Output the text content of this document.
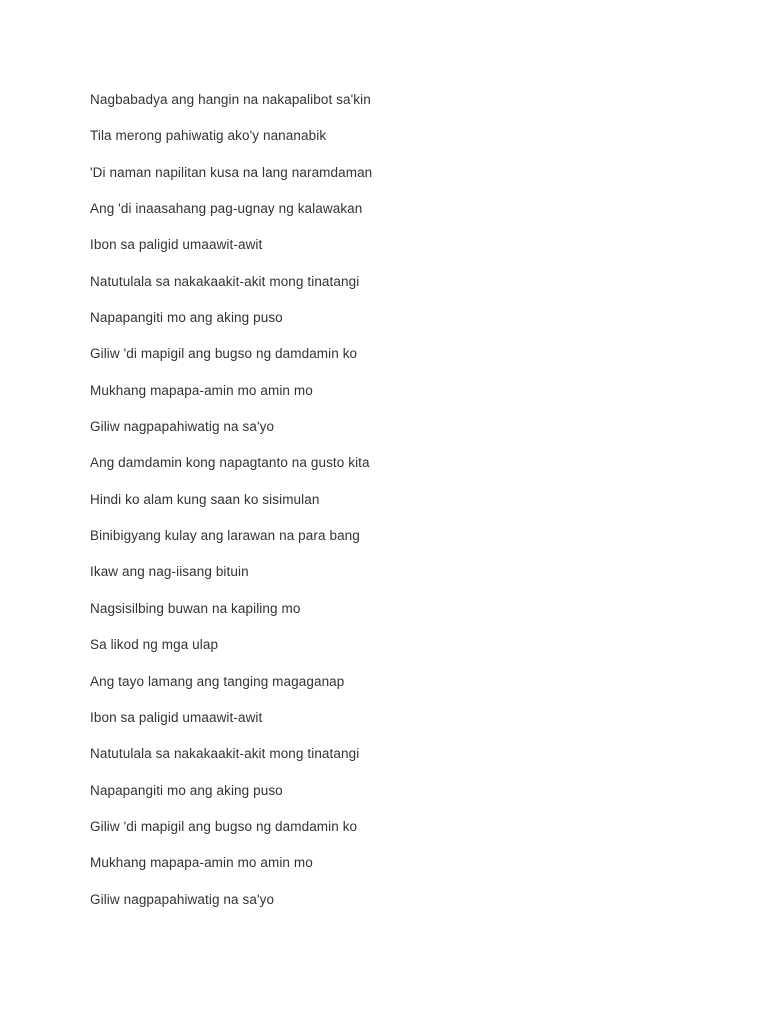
Nagbabadya ang hangin na nakapalibot sa'kin
Tila merong pahiwatig ako'y nananabik
'Di naman napilitan kusa na lang naramdaman
Ang 'di inaasahang pag-ugnay ng kalawakan
Ibon sa paligid umaawit-awit
Natutulala sa nakakaakit-akit mong tinatangi
Napapangiti mo ang aking puso
Giliw 'di mapigil ang bugso ng damdamin ko
Mukhang mapapa-amin mo amin mo
Giliw nagpapahiwatig na sa'yo
Ang damdamin kong napagtanto na gusto kita
Hindi ko alam kung saan ko sisimulan
Binibigyang kulay ang larawan na para bang
Ikaw ang nag-iisang bituin
Nagsisilbing buwan na kapiling mo
Sa likod ng mga ulap
Ang tayo lamang ang tanging magaganap
Ibon sa paligid umaawit-awit
Natutulala sa nakakaakit-akit mong tinatangi
Napapangiti mo ang aking puso
Giliw 'di mapigil ang bugso ng damdamin ko
Mukhang mapapa-amin mo amin mo
Giliw nagpapahiwatig na sa'yo
